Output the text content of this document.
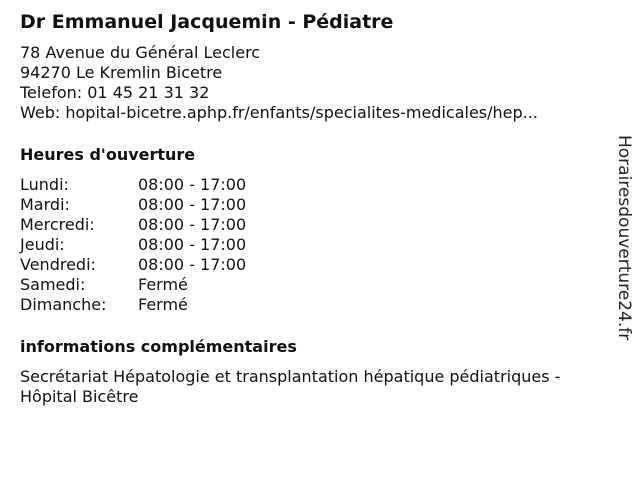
Dr Emmanuel Jacquemin - Pédiatre
78 Avenue du Général Leclerc
94270 Le Kremlin Bicetre
Telefon: 01 45 21 31 32
Web: hopital-bicetre.aphp.fr/enfants/specialites-medicales/hep...
Heures d'ouverture
Lundi:	08:00 - 17:00
Mardi:	08:00 - 17:00
Mercredi:	08:00 - 17:00
Jeudi:	08:00 - 17:00
Vendredi:	08:00 - 17:00
Samedi:	Fermé
Dimanche:	Fermé
informations complémentaires
Secrétariat Hépatologie et transplantation hépatique pédiatriques - Hôpital Bicêtre
Horairesdouverture24.fr
